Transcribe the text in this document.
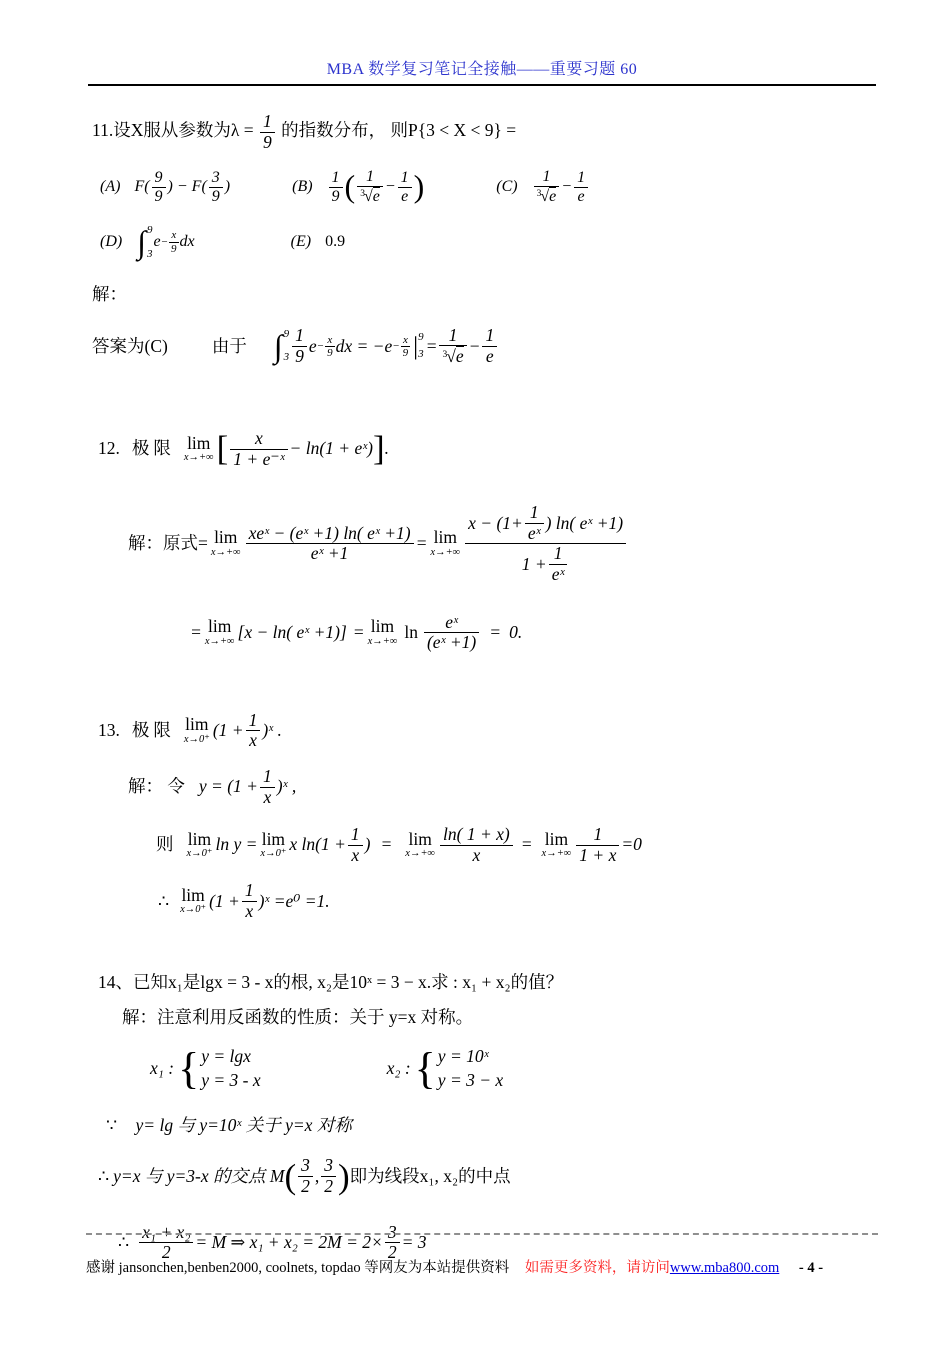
MBA 数学复习笔记全接触——重要习题 60
11.设X服从参数为$\lambda = \frac{1}{9}$ 的指数分布， 则P{3 < X < 9} =
(A) F(
9
9
) − F(
3
9
)	(B)
1
9 ( 1
3 √ e
− $\frac{1}{e}$ )	(C)
1
3 √ e
− $\frac{1}{e}$
(D) ∫ 9
3
$e - \frac{x}{9}$ dx	(E) 0.9
解：
答案为(C)	由于 ∫ 9
3
1
9
$e - \frac{x}{9}$ dx = $-e - \frac{x}{9}$ | 9
$3 = \frac{1}{3 √ e} - \frac{1}{e}$
12. 极限 lim
x→+∞ [	x
1 + e⁻ˣ
− ln(1 + eˣ) ] .
解：原式= lim
x→+∞
xeˣ − (eˣ +1) ln( eˣ +1)
eˣ +1
= lim
x→+∞
$x - (1+ \frac{1}{\text{eˣ}}$ ) ln( eˣ +1)
$1 + \frac{1}{\text{eˣ}}$
= lim
x→+∞ [x − ln( eˣ +1)] = lim
x→+∞ $\ln \frac{\text{eˣ}}{\text{(eˣ +1)}} = 0$.
13. 极限 lim
x→0⁺ ($1 + \frac{1}{x}$ )ˣ .
解： 令 $y = (1 + \frac{1}{x}$ )ˣ ,
则 lim
x→0⁺ ln y = lim
x→0⁺ x $\ln(1 + \frac{1}{x}$ ) = lim
$x\to+\infty \frac{\ln( 1 + x)}{x} = \lim$
$x\to+\infty \frac{1}{1 + x} =0$
∴ lim
x→0⁺ ($1 + \frac{1}{x}$ )ˣ =e⁰ =1.
14、已知x₁是lgx = 3 - x的根, x₂是10ˣ = 3 − x.求 : x₁ + x₂的值？
解：注意利用反函数的性质：关于 y=x 对称。
x₁ : { y = lgx
y = 3 - x
x₂ : { y = 10ˣ
y = 3 − x
∵ y= lg 与 y=10ˣ 关于 y=x 对称
∴ y=x 与 y=3-x 的交点 M ( 3
2
,
3
2 ) 即为线段x₁, x₂的中点
∴ $\frac{\text{x₁ + x₂}}{2} = M$ ⇒ $x_1 + x_2 = 2M = 2\times \frac{3}{2} = 3$
感谢 jansonchen,benben2000, coolnets, topdao 等网友为本站提供资料 如需更多资料，请访问www.mba800.com - 4 -
